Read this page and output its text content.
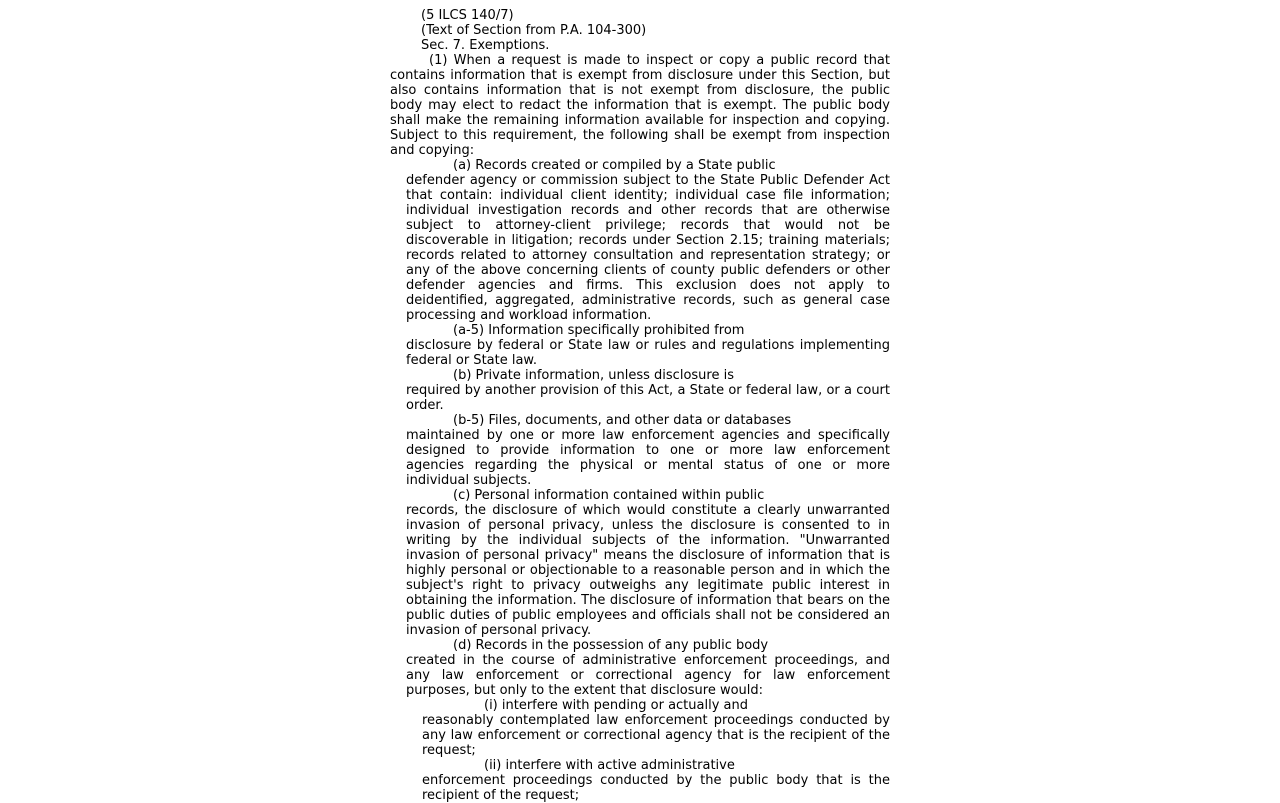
(5 ILCS 140/7)
(Text of Section from P.A. 104-300)
Sec. 7. Exemptions.

(1) When a request is made to inspect or copy a public record that contains information that is exempt from disclosure under this Section, but also contains information that is not exempt from disclosure, the public body may elect to redact the information that is exempt. The public body shall make the remaining information available for inspection and copying. Subject to this requirement, the following shall be exempt from inspection and copying:

(a) Records created or compiled by a State public
defender agency or commission subject to the State Public Defender Act that contain: individual client identity; individual case file information; individual investigation records and other records that are otherwise subject to attorney-client privilege; records that would not be discoverable in litigation; records under Section 2.15; training materials; records related to attorney consultation and representation strategy; or any of the above concerning clients of county public defenders or other defender agencies and firms. This exclusion does not apply to deidentified, aggregated, administrative records, such as general case processing and workload information.

(a-5) Information specifically prohibited from
disclosure by federal or State law or rules and regulations implementing federal or State law.

(b) Private information, unless disclosure is
required by another provision of this Act, a State or federal law, or a court order.

(b-5) Files, documents, and other data or databases
maintained by one or more law enforcement agencies and specifically designed to provide information to one or more law enforcement agencies regarding the physical or mental status of one or more individual subjects.

(c) Personal information contained within public
records, the disclosure of which would constitute a clearly unwarranted invasion of personal privacy, unless the disclosure is consented to in writing by the individual subjects of the information. "Unwarranted invasion of personal privacy" means the disclosure of information that is highly personal or objectionable to a reasonable person and in which the subject's right to privacy outweighs any legitimate public interest in obtaining the information. The disclosure of information that bears on the public duties of public employees and officials shall not be considered an invasion of personal privacy.

(d) Records in the possession of any public body
created in the course of administrative enforcement proceedings, and any law enforcement or correctional agency for law enforcement purposes, but only to the extent that disclosure would:

(i) interfere with pending or actually and
reasonably contemplated law enforcement proceedings conducted by any law enforcement or correctional agency that is the recipient of the request;

(ii) interfere with active administrative
enforcement proceedings conducted by the public body that is the recipient of the request;
